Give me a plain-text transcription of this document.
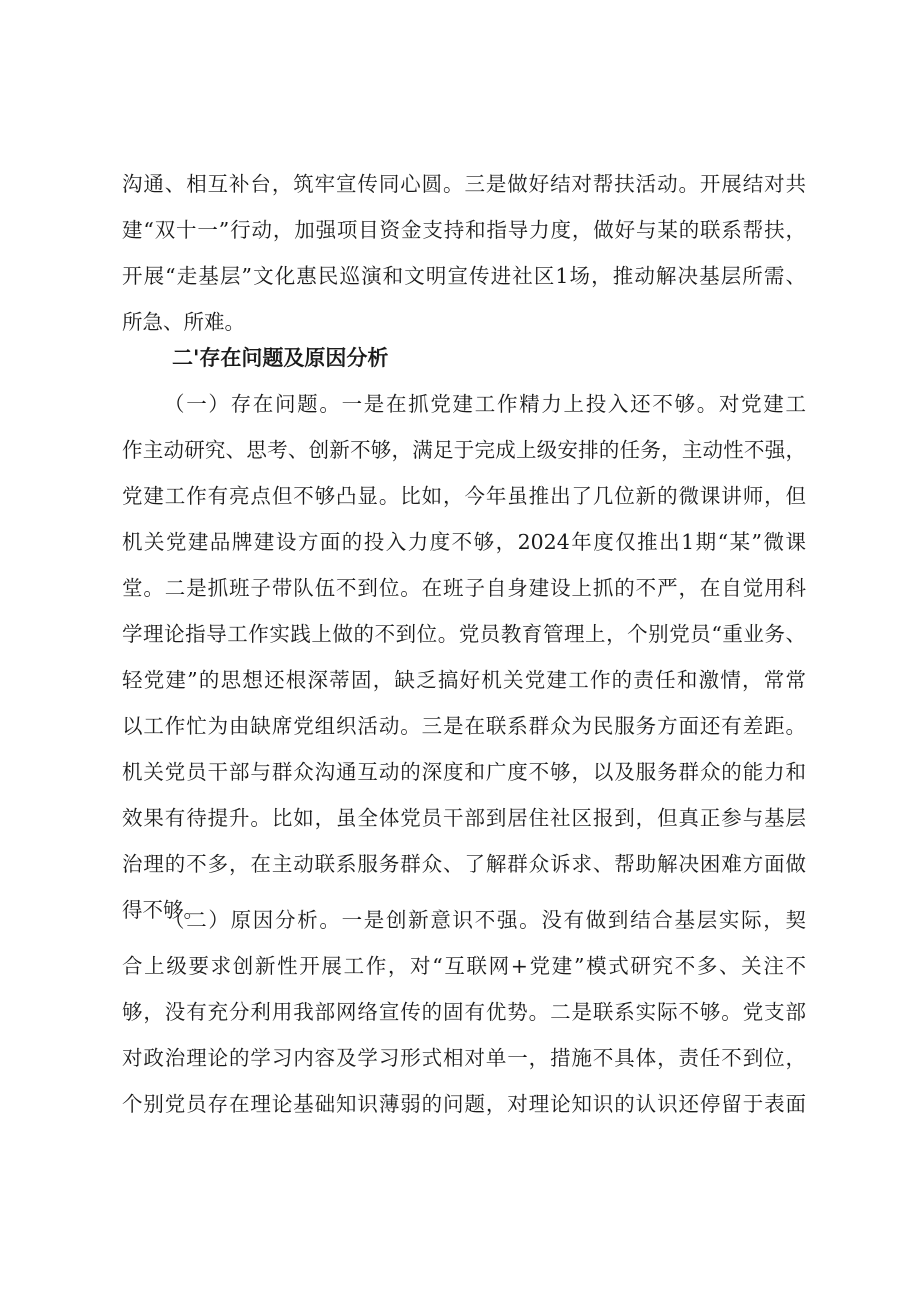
沟通、相互补台，筑牢宣传同心圆。三是做好结对帮扶活动。开展结对共
建“双十一”行动，加强项目资金支持和指导力度，做好与某的联系帮扶，
开展“走基层”文化惠民巡演和文明宣传进社区1场，推动解决基层所需、
所急、所难。
二'存在问题及原因分析
（一）存在问题。一是在抓党建工作精力上投入还不够。对党建工
作主动研究、思考、创新不够，满足于完成上级安排的任务，主动性不强，
党建工作有亮点但不够凸显。比如，今年虽推出了几位新的微课讲师，但
机关党建品牌建设方面的投入力度不够，2024年度仅推出1期“某”微课
堂。二是抓班子带队伍不到位。在班子自身建设上抓的不严，在自觉用科
学理论指导工作实践上做的不到位。党员教育管理上，个别党员“重业务、
轻党建”的思想还根深蒂固，缺乏搞好机关党建工作的责任和激情，常常
以工作忙为由缺席党组织活动。三是在联系群众为民服务方面还有差距。
机关党员干部与群众沟通互动的深度和广度不够，以及服务群众的能力和
效果有待提升。比如，虽全体党员干部到居住社区报到，但真正参与基层
治理的不多，在主动联系服务群众、了解群众诉求、帮助解决困难方面做
得不够。
（二）原因分析。一是创新意识不强。没有做到结合基层实际，契
合上级要求创新性开展工作，对“互联网+党建”模式研究不多、关注不
够，没有充分利用我部网络宣传的固有优势。二是联系实际不够。党支部
对政治理论的学习内容及学习形式相对单一，措施不具体，责任不到位，
个别党员存在理论基础知识薄弱的问题，对理论知识的认识还停留于表面
